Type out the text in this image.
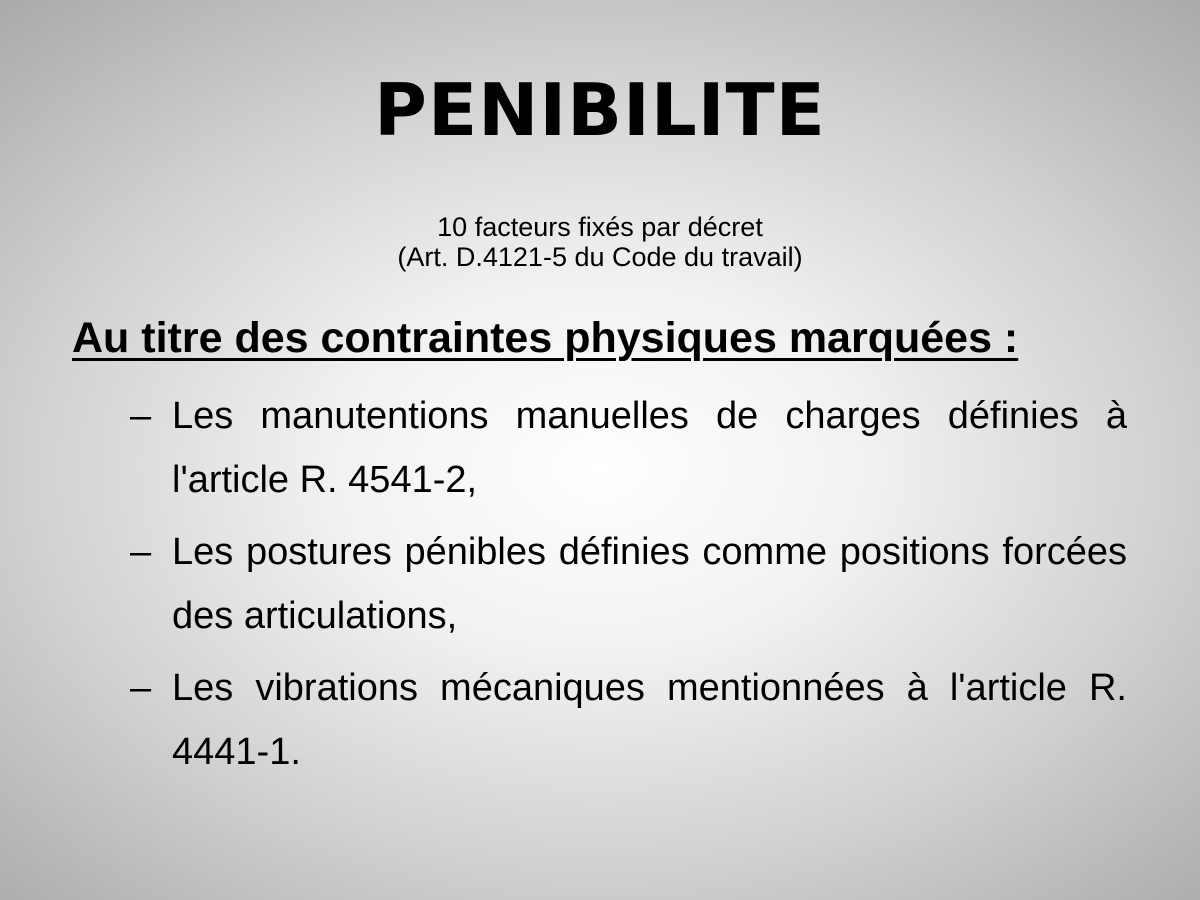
PENIBILITE
10 facteurs fixés par décret
(Art. D.4121-5 du Code du travail)
Au titre des contraintes physiques marquées :
– Les manutentions manuelles de charges définies à l'article R. 4541-2,
– Les postures pénibles définies comme positions forcées des articulations,
– Les vibrations mécaniques mentionnées à l'article R. 4441-1.
